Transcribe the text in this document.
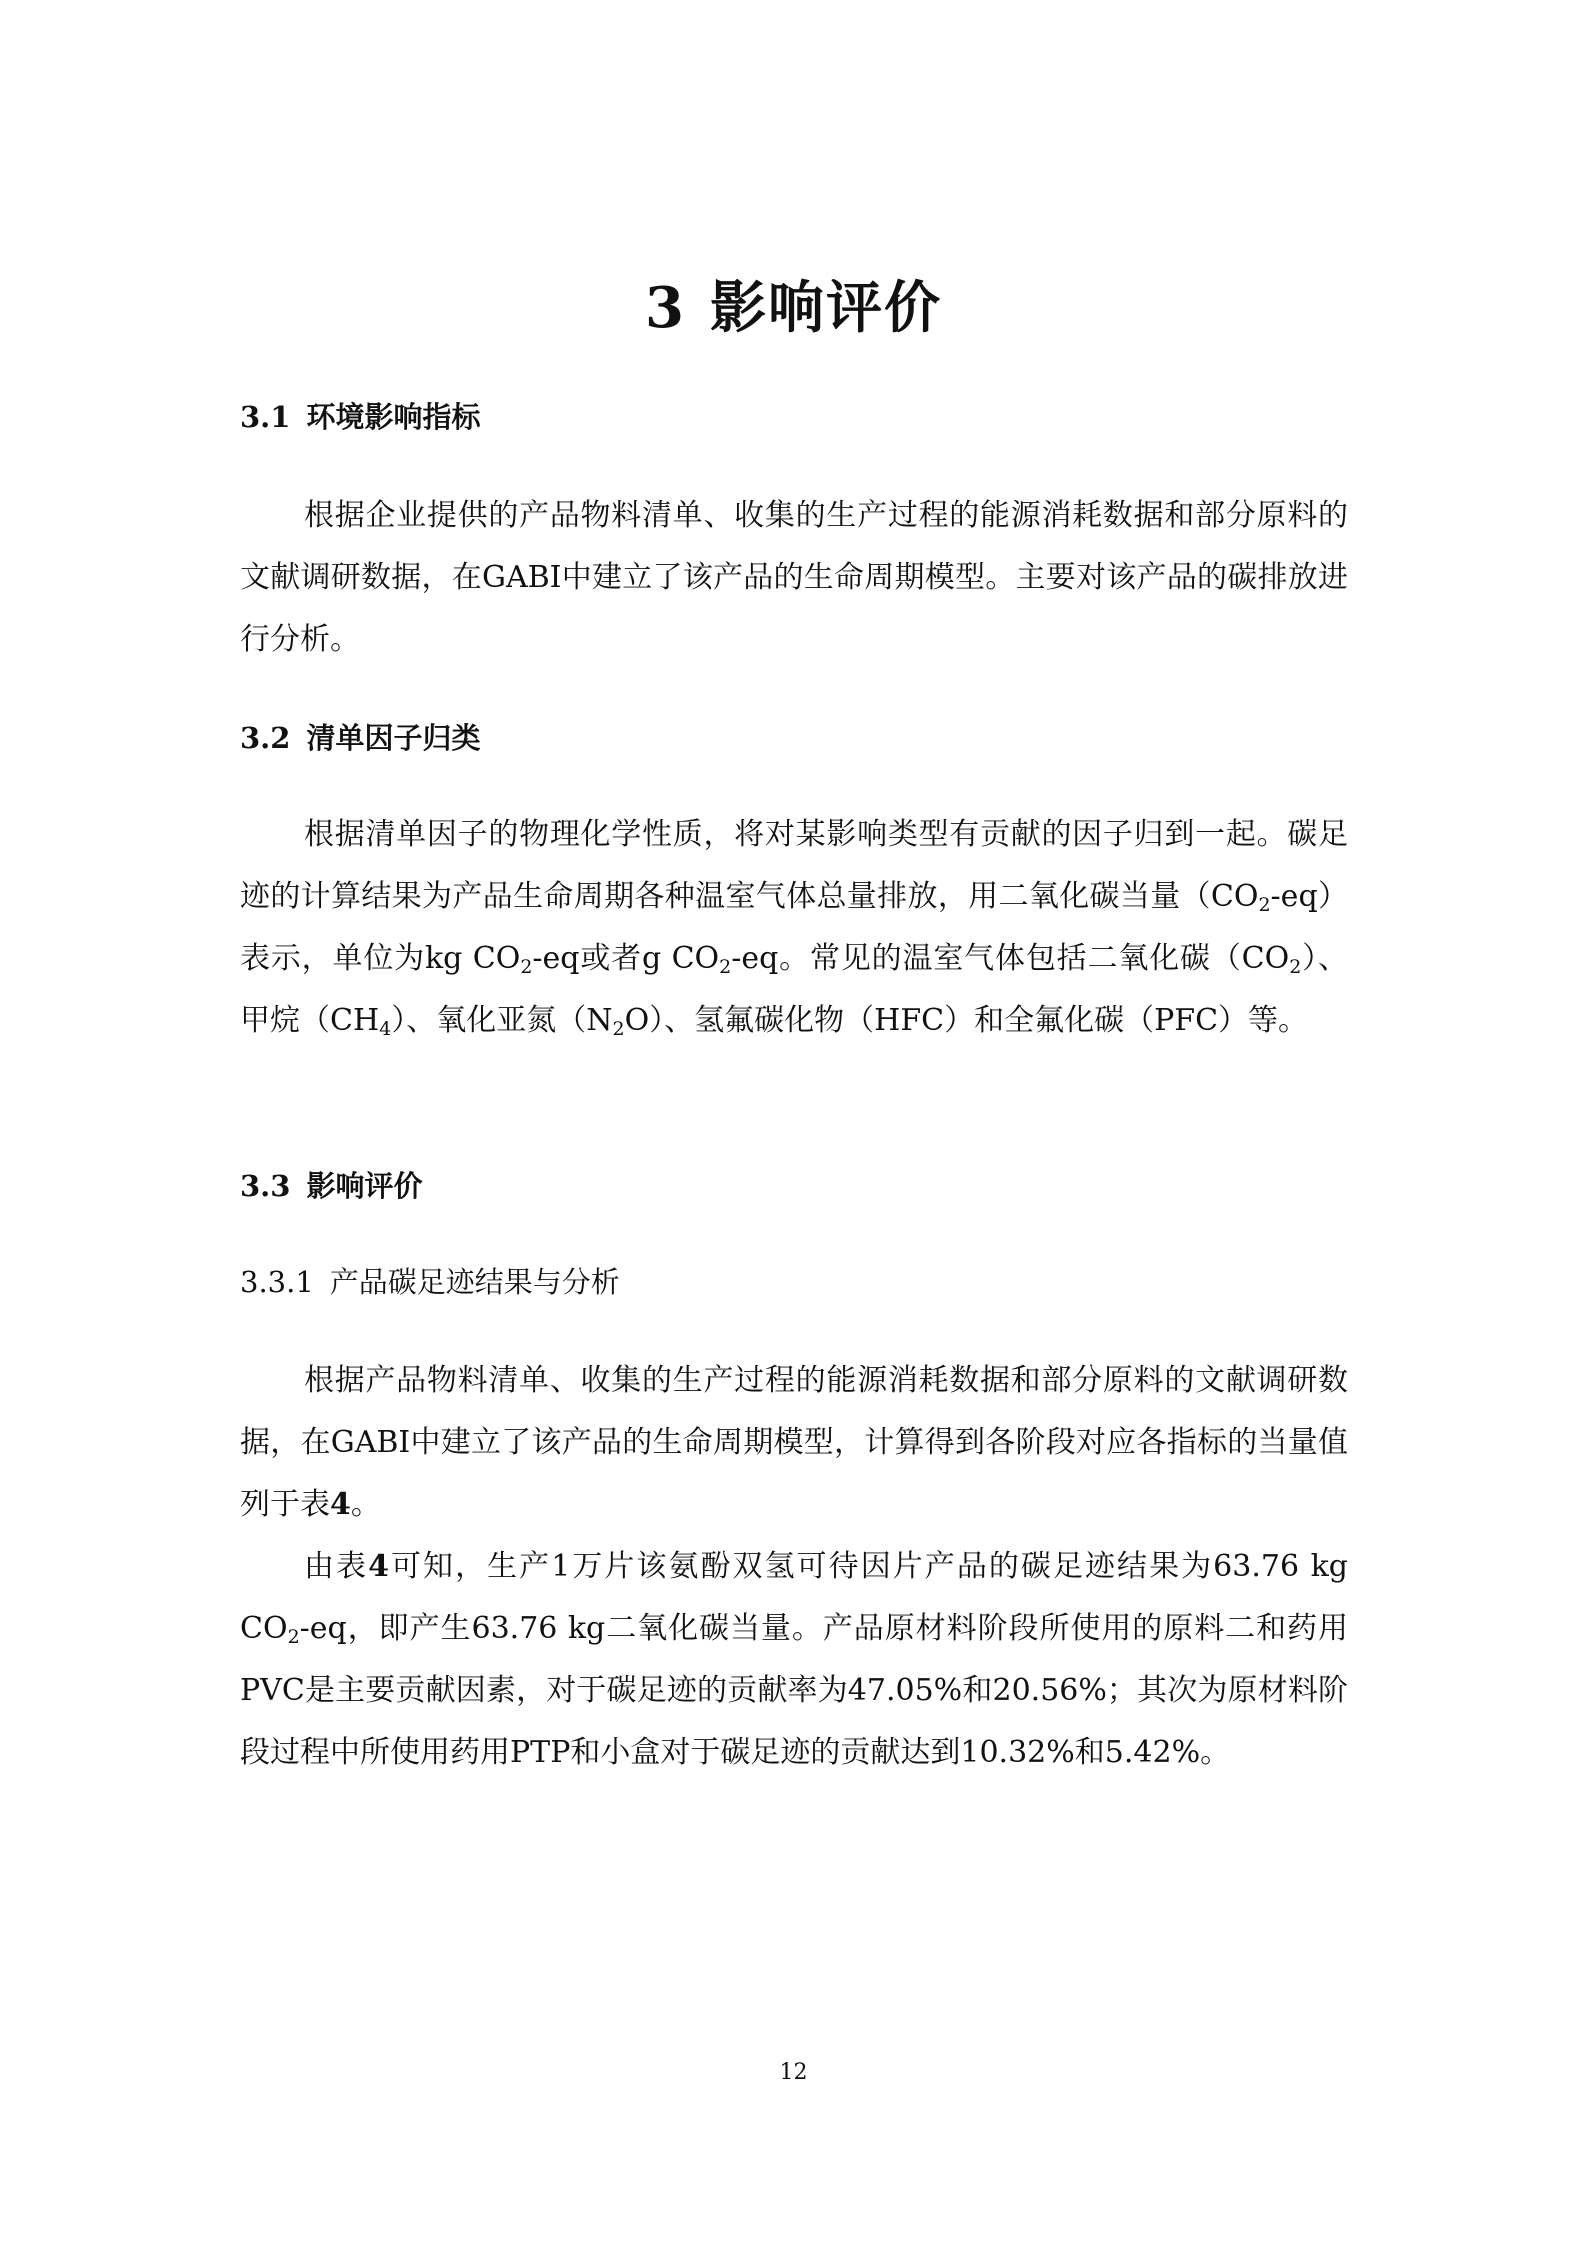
3 影响评价
3.1 环境影响指标

根据企业提供的产品物料清单、收集的生产过程的能源消耗数据和部分原料的文献调研数据，在GABI中建立了该产品的生命周期模型。主要对该产品的碳排放进行分析。

3.2 清单因子归类

根据清单因子的物理化学性质，将对某影响类型有贡献的因子归到一起。碳足迹的计算结果为产品生命周期各种温室气体总量排放，用二氧化碳当量$(CO_2-eq)$表示，单位为kg $CO_2-eq$或者g $CO_2-eq$。常见的温室气体包括二氧化碳$(CO_2)$、甲烷$(CH_4)$、氧化亚氮$(N_2O)$、氢氟碳化物（HFC）和全氟化碳（PFC）等。

3.3 影响评价
3.3.1 产品碳足迹结果与分析

根据产品物料清单、收集的生产过程的能源消耗数据和部分原料的文献调研数据，在GABI中建立了该产品的生命周期模型，计算得到各阶段对应各指标的当量值列于表4。

由表4可知，生产1万片该氨酚双氢可待因片产品的碳足迹结果为63.76 kg $CO_2-eq$，即产生63.76 kg二氧化碳当量。产品原材料阶段所使用的原料二和药用PVC是主要贡献因素，对于碳足迹的贡献率为47.05%和20.56%；其次为原材料阶段过程中所使用药用PTP和小盒对于碳足迹的贡献达到10.32%和5.42%。

12
